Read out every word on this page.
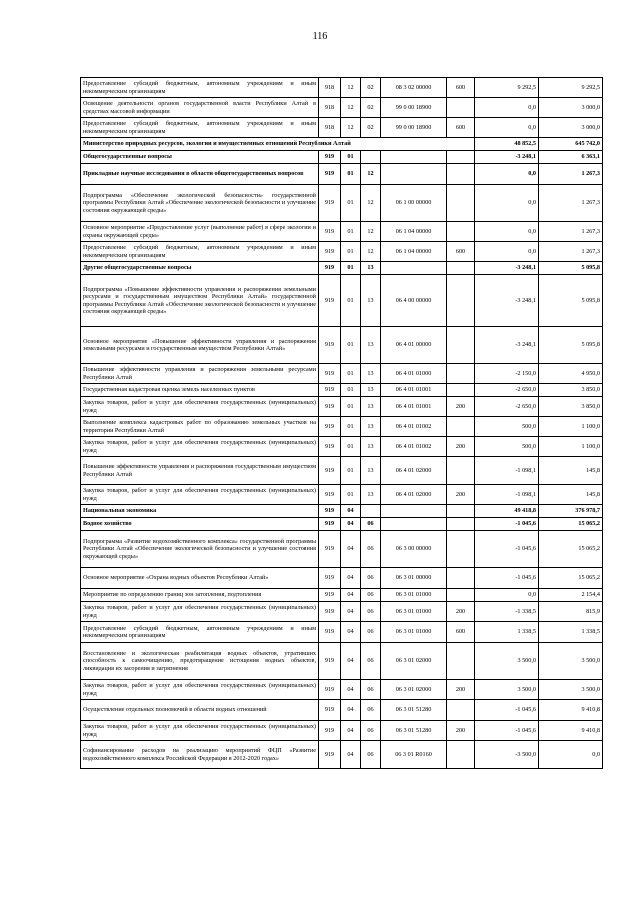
116
Предоставление субсидий бюджетным, автономным учреждениям и иным некоммерческим организациям	918	12	02	08 3 02 00000	600	9 292,5	9 292,5
Освещение деятельности органов государственной власти Республики Алтай в средствах массовой информации	918	12	02	99 0 00 18900		0,0	3 000,0
Предоставление субсидий бюджетным, автономным учреждениям и иным некоммерческим организациям	918	12	02	99 0 00 18900	600	0,0	3 000,0
Министерство природных ресурсов, экологии и имущественных отношений Республики Алтай						48 852,5	645 742,0
Общегосударственные вопросы	919	01				-3 248,1	6 363,1
Прикладные научные исследования в области общегосударственных вопросов	919	01	12			0,0	1 267,3
Подпрограмма «Обеспечение экологической безопасности» государственной программы Республики Алтай «Обеспечение экологической безопасности и улучшение состояния окружающей среды»	919	01	12	06 1 00 00000		0,0	1 267,3
Основное мероприятие «Предоставление услуг (выполнение работ) в сфере экологии и охраны окружающей среды»	919	01	12	06 1 04 00000		0,0	1 267,3
Предоставление субсидий бюджетным, автономным учреждениям и иным некоммерческим организациям	919	01	12	06 1 04 00000	600	0,0	1 267,3
Другие общегосударственные вопросы	919	01	13			-3 248,1	5 095,8
Подпрограмма «Повышение эффективности управления и распоряжения земельными ресурсами и государственным имуществом Республики Алтай» государственной программы Республики Алтай «Обеспечение экологической безопасности и улучшение состояния окружающей среды»	919	01	13	06 4 00 00000		-3 248,1	5 095,8
Основное мероприятие «Повышение эффективности управления и распоряжения земельными ресурсами и государственным имуществом Республики Алтай»	919	01	13	06 4 01 00000		-3 248,1	5 095,8
Повышение эффективности управления и распоряжения земельными ресурсами Республики Алтай	919	01	13	06 4 01 01000		-2 150,0	4 950,0
Государственная кадастровая оценка земель населенных пунктов	919	01	13	06 4 01 01001		-2 650,0	3 850,0
Закупка товаров, работ и услуг для обеспечения государственных (муниципальных) нужд	919	01	13	06 4 01 01001	200	-2 650,0	3 850,0
Выполнение комплекса кадастровых работ по образованию земельных участков на территории Республики Алтай	919	01	13	06 4 01 01002		500,0	1 100,0
Закупка товаров, работ и услуг для обеспечения государственных (муниципальных) нужд	919	01	13	06 4 01 01002	200	500,0	1 100,0
Повышение эффективности управления и распоряжения государственным имуществом Республики Алтай	919	01	13	06 4 01 02000		-1 098,1	145,8
Закупка товаров, работ и услуг для обеспечения государственных (муниципальных) нужд	919	01	13	06 4 01 02000	200	-1 098,1	145,8
Национальная экономика	919	04				49 418,8	376 978,7
Водное хозяйство	919	04	06			-1 045,6	15 065,2
Подпрограмма «Развитие водохозяйственного комплекса» государственной программы Республики Алтай «Обеспечение экологической безопасности и улучшение состояния окружающей среды»	919	04	06	06 3 00 00000		-1 045,6	15 065,2
Основное мероприятие «Охрана водных объектов Республики Алтай»	919	04	06	06 3 01 00000		-1 045,6	15 065,2
Мероприятие по определению границ зон затопления, подтопления	919	04	06	06 3 01 01000		0,0	2 154,4
Закупка товаров, работ и услуг для обеспечения государственных (муниципальных) нужд	919	04	06	06 3 01 01000	200	-1 338,5	815,9
Предоставление субсидий бюджетным, автономным учреждениям и иным некоммерческим организациям	919	04	06	06 3 01 01000	600	1 338,5	1 338,5
Восстановление и экологическая реабилитация водных объектов, утративших способность к самоочищению, предотвращение истощения водных объектов, ликвидация их засорения и загрязнения	919	04	06	06 3 01 02000		3 500,0	3 500,0
Закупка товаров, работ и услуг для обеспечения государственных (муниципальных) нужд	919	04	06	06 3 01 02000	200	3 500,0	3 500,0
Осуществление отдельных полномочий в области водных отношений	919	04	06	06 3 01 51280		-1 045,6	9 410,8
Закупка товаров, работ и услуг для обеспечения государственных (муниципальных) нужд	919	04	06	06 3 01 51280	200	-1 045,6	9 410,8
Софинансирование расходов на реализацию мероприятий ФЦП «Развитие водохозяйственного комплекса Российской Федерации в 2012-2020 годах»	919	04	06	06 3 01 R0160		-3 500,0	0,0
